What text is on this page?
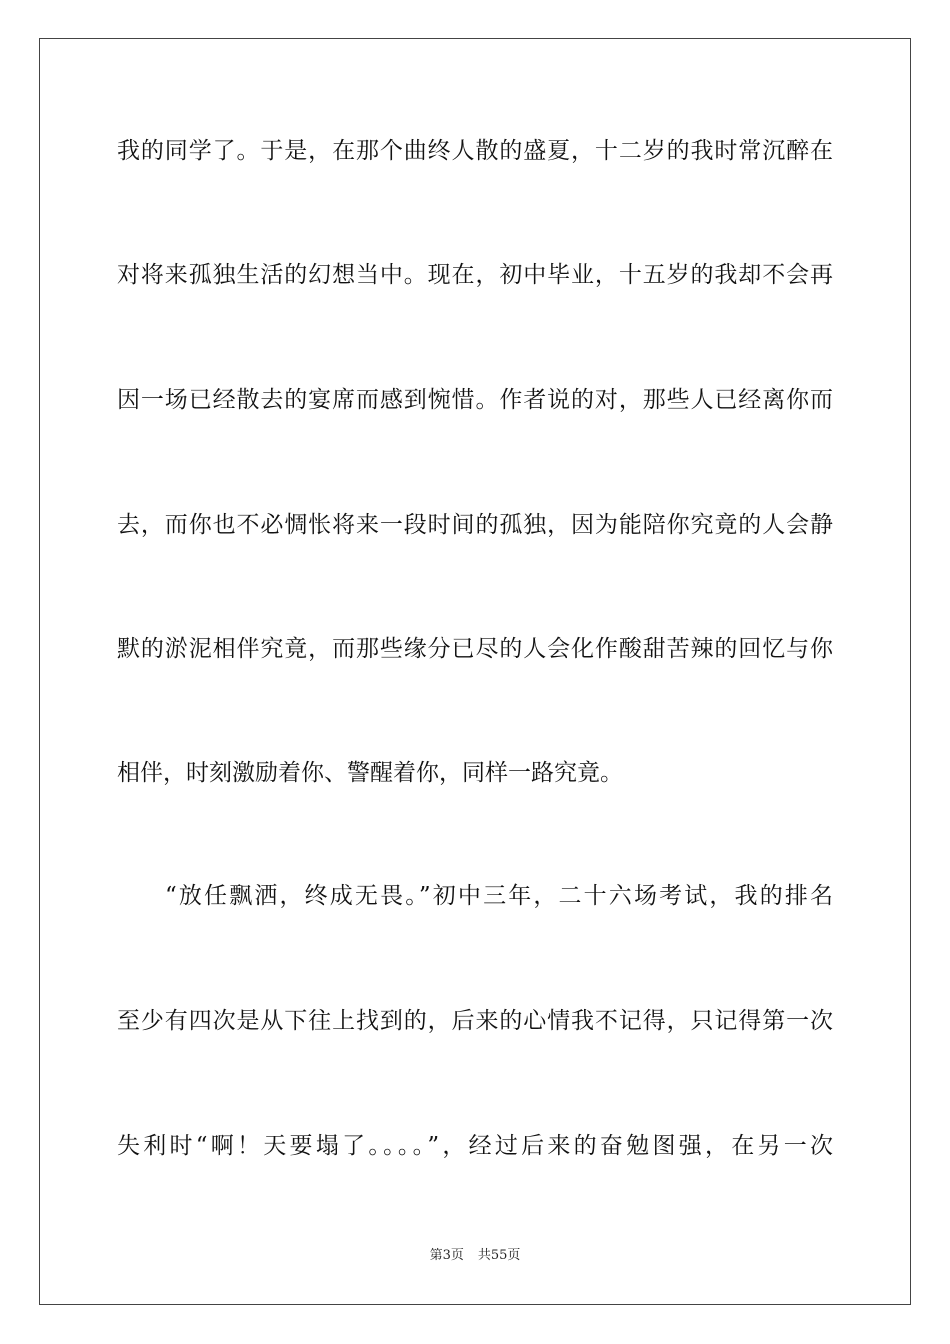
我的同学了。于是，在那个曲终人散的盛夏，十二岁的我时常沉醉在
对将来孤独生活的幻想当中。现在，初中毕业，十五岁的我却不会再
因一场已经散去的宴席而感到惋惜。作者说的对，那些人已经离你而
去，而你也不必惆怅将来一段时间的孤独，因为能陪你究竟的人会静
默的淤泥相伴究竟，而那些缘分已尽的人会化作酸甜苦辣的回忆与你
相伴，时刻激励着你、警醒着你，同样一路究竟。
“放任飘洒，终成无畏。”初中三年，二十六场考试，我的排名
至少有四次是从下往上找到的，后来的心情我不记得，只记得第一次
失利时“啊！天要塌了。。。。”，经过后来的奋勉图强，在另一次
第3页 共55页
